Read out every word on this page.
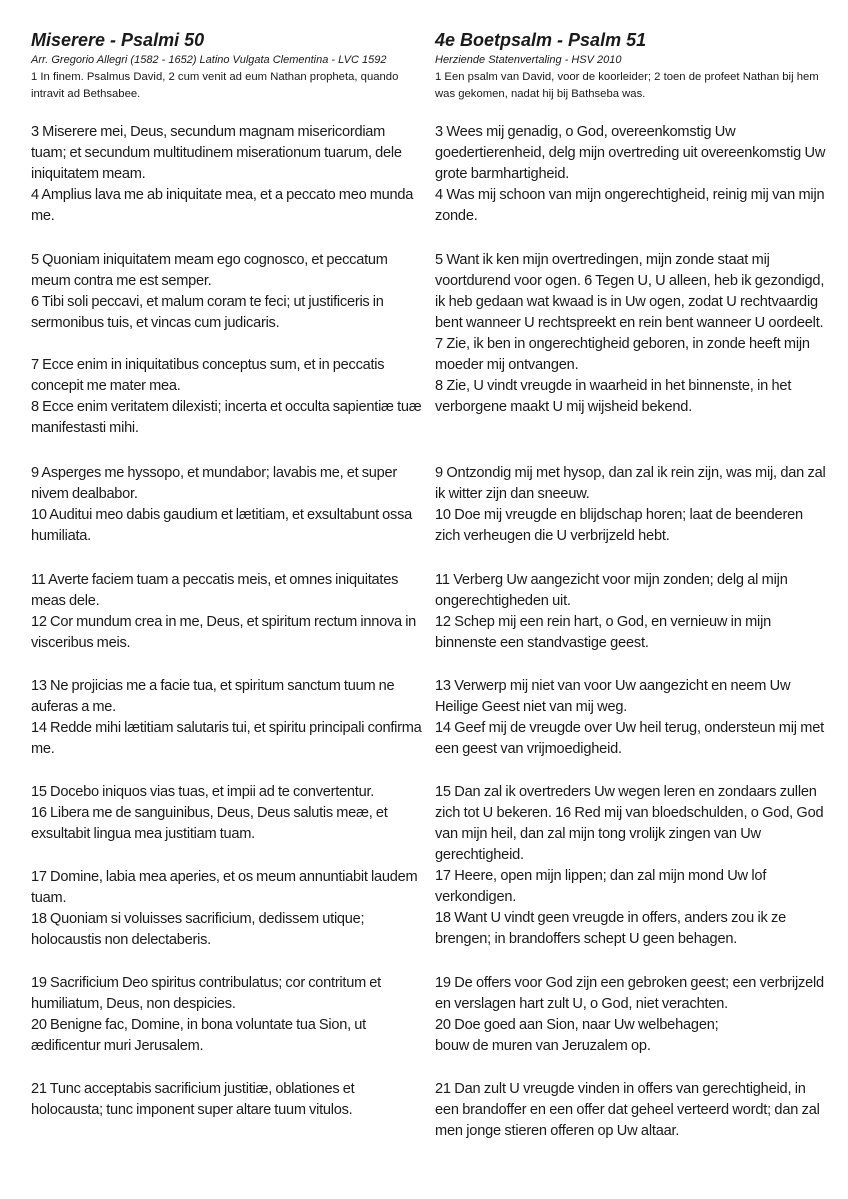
Miserere - Psalmi 50
Arr. Gregorio Allegri (1582 - 1652) Latino Vulgata Clementina - LVC 1592
1 In finem. Psalmus David, 2 cum venit ad eum Nathan propheta, quando intravit ad Bethsabee.
3 Miserere mei, Deus, secundum magnam misericordiam tuam; et secundum multitudinem miserationum tuarum, dele iniquitatem meam.
4 Amplius lava me ab iniquitate mea, et a peccato meo munda me.
5 Quoniam iniquitatem meam ego cognosco, et peccatum meum contra me est semper.
6 Tibi soli peccavi, et malum coram te feci; ut justificeris in sermonibus tuis, et vincas cum judicaris.
7 Ecce enim in iniquitatibus conceptus sum, et in peccatis concepit me mater mea.
8 Ecce enim veritatem dilexisti; incerta et occulta sapientiæ tuæ manifestasti mihi.
9 Asperges me hyssopo, et mundabor; lavabis me, et super nivem dealbabor.
10 Auditui meo dabis gaudium et lætitiam, et exsultabunt ossa humiliata.
11 Averte faciem tuam a peccatis meis, et omnes iniquitates meas dele.
12 Cor mundum crea in me, Deus, et spiritum rectum innova in visceribus meis.
13 Ne projicias me a facie tua, et spiritum sanctum tuum ne auferas a me.
14 Redde mihi lætitiam salutaris tui, et spiritu principali confirma me.
15 Docebo iniquos vias tuas, et impii ad te convertentur.
16 Libera me de sanguinibus, Deus, Deus salutis meæ, et exsultabit lingua mea justitiam tuam.
17 Domine, labia mea aperies, et os meum annuntiabit laudem tuam.
18 Quoniam si voluisses sacrificium, dedissem utique; holocaustis non delectaberis.
19 Sacrificium Deo spiritus contribulatus; cor contritum et humiliatum, Deus, non despicies.
20 Benigne fac, Domine, in bona voluntate tua Sion, ut ædificentur muri Jerusalem.
21 Tunc acceptabis sacrificium justitiæ, oblationes et holocausta; tunc imponent super altare tuum vitulos.
4e Boetpsalm - Psalm 51
Herziende Statenvertaling - HSV 2010
1 Een psalm van David, voor de koorleider; 2 toen de profeet Nathan bij hem was gekomen, nadat hij bij Bathseba was.
3 Wees mij genadig, o God, overeenkomstig Uw goedertierenheid, delg mijn overtreding uit overeenkomstig Uw grote barmhartigheid.
4 Was mij schoon van mijn ongerechtigheid, reinig mij van mijn zonde.
5 Want ik ken mijn overtredingen, mijn zonde staat mij voortdurend voor ogen. 6 Tegen U, U alleen, heb ik gezondigd, ik heb gedaan wat kwaad is in Uw ogen, zodat U rechtvaardig bent wanneer U rechtspreekt en rein bent wanneer U oordeelt.
7 Zie, ik ben in ongerechtigheid geboren, in zonde heeft mijn moeder mij ontvangen.
8 Zie, U vindt vreugde in waarheid in het binnenste, in het verborgene maakt U mij wijsheid bekend.
9 Ontzondig mij met hysop, dan zal ik rein zijn, was mij, dan zal ik witter zijn dan sneeuw.
10 Doe mij vreugde en blijdschap horen; laat de beenderen zich verheugen die U verbrijzeld hebt.
11 Verberg Uw aangezicht voor mijn zonden; delg al mijn ongerechtigheden uit.
12 Schep mij een rein hart, o God, en vernieuw in mijn binnenste een standvastige geest.
13 Verwerp mij niet van voor Uw aangezicht en neem Uw Heilige Geest niet van mij weg.
14 Geef mij de vreugde over Uw heil terug, ondersteun mij met een geest van vrijmoedigheid.
15 Dan zal ik overtreders Uw wegen leren en zondaars zullen zich tot U bekeren. 16 Red mij van bloedschulden, o God, God van mijn heil, dan zal mijn tong vrolijk zingen van Uw gerechtigheid.
17 Heere, open mijn lippen; dan zal mijn mond Uw lof verkondigen.
18 Want U vindt geen vreugde in offers, anders zou ik ze brengen; in brandoffers schept U geen behagen.
19 De offers voor God zijn een gebroken geest; een verbrijzeld en verslagen hart zult U, o God, niet verachten.
20 Doe goed aan Sion, naar Uw welbehagen;
bouw de muren van Jeruzalem op.
21 Dan zult U vreugde vinden in offers van gerechtigheid, in een brandoffer en een offer dat geheel verteerd wordt; dan zal men jonge stieren offeren op Uw altaar.
